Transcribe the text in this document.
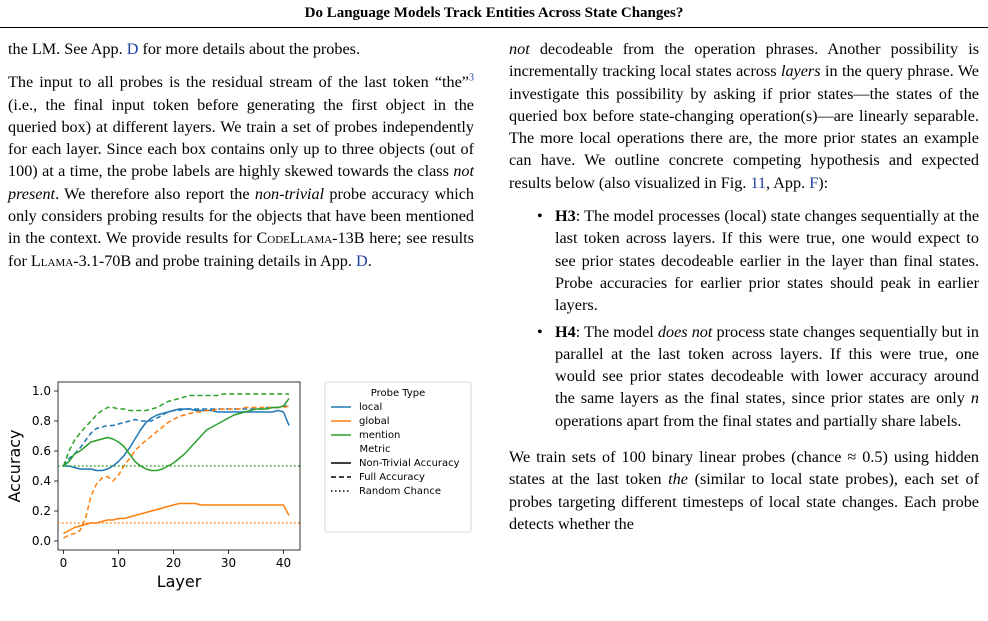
Do Language Models Track Entities Across State Changes?

the LM. See App. D for more details about the probes.

The input to all probes is the residual stream of the last token “the”$^3$ (i.e., the final input token before generating the first object in the queried box) at different layers. We train a set of probes independently for each layer. Since each box contains only up to three objects (out of 100) at a time, the probe labels are highly skewed towards the class not present. We therefore also report the non-trivial probe accuracy which only considers probing results for the objects that have been mentioned in the context. We provide results for CodeLlama-13B here; see results for Llama-3.1-70B and probe training details in App. D.

0	10	20	30	40
0.0
0.2
0.4
0.6
0.8
1.0
Layer
Accuracy
Probe Type
local
global
mention
Metric
Non-Trivial Accuracy
Full Accuracy
Random Chance

not decodeable from the operation phrases. Another possibility is incrementally tracking local states across layers in the query phrase. We investigate this possibility by asking if prior states—the states of the queried box before state-changing operation(s)—are linearly separable. The more local operations there are, the more prior states an example can have. We outline concrete competing hypothesis and expected results below (also visualized in Fig. 11, App. F):

• H3: The model processes (local) state changes sequentially at the last token across layers. If this were true, one would expect to see prior states decodeable earlier in the layer than final states. Probe accuracies for earlier prior states should peak in earlier layers.
• H4: The model does not process state changes sequentially but in parallel at the last token across layers. If this were true, one would see prior states decodeable with lower accuracy around the same layers as the final states, since prior states are only n operations apart from the final states and partially share labels.

We train sets of 100 binary linear probes (chance ≈ 0.5) using hidden states at the last token the (similar to local state probes), each set of probes targeting different timesteps of local state changes. Each probe detects whether the
